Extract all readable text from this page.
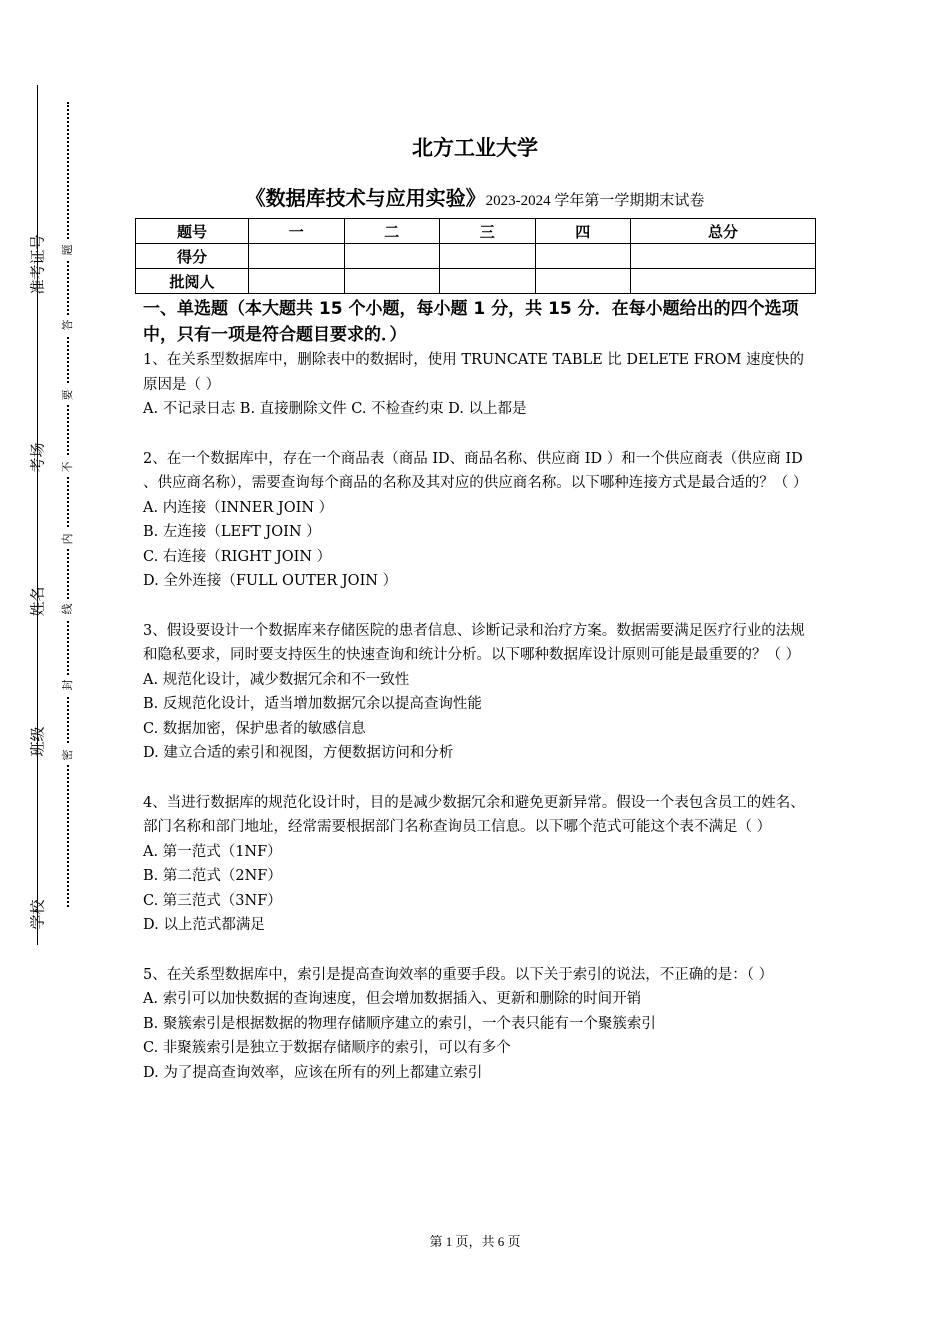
准考证号
考场
姓名
班级
学校
题
答
要
不
内
线
封
密
北方工业大学
《数据库技术与应用实验》2023-2024 学年第一学期期末试卷
题号	一	二	三	四	总分
得分					
批阅人					

一、单选题（本大题共 15 个小题，每小题 1 分，共 15 分．在每小题给出的四个选项中，只有一项是符合题目要求的．）

1、在关系型数据库中，删除表中的数据时，使用 TRUNCATE TABLE 比 DELETE FROM 速度快的原因是（ ）

A. 不记录日志 B. 直接删除文件 C. 不检查约束 D. 以上都是

2、在一个数据库中，存在一个商品表（商品 ID、商品名称、供应商 ID ）和一个供应商表（供应商 ID 、供应商名称），需要查询每个商品的名称及其对应的供应商名称。以下哪种连接方式是最合适的？（ ）

A. 内连接（INNER JOIN ）

B. 左连接（LEFT JOIN ）

C. 右连接（RIGHT JOIN ）

D. 全外连接（FULL OUTER JOIN ）

3、假设要设计一个数据库来存储医院的患者信息、诊断记录和治疗方案。数据需要满足医疗行业的法规和隐私要求，同时要支持医生的快速查询和统计分析。以下哪种数据库设计原则可能是最重要的？（ ）

A. 规范化设计，减少数据冗余和不一致性

B. 反规范化设计，适当增加数据冗余以提高查询性能

C. 数据加密，保护患者的敏感信息

D. 建立合适的索引和视图，方便数据访问和分析

4、当进行数据库的规范化设计时，目的是减少数据冗余和避免更新异常。假设一个表包含员工的姓名、部门名称和部门地址，经常需要根据部门名称查询员工信息。以下哪个范式可能这个表不满足（ ）

A. 第一范式（1NF）

B. 第二范式（2NF）

C. 第三范式（3NF）

D. 以上范式都满足

5、在关系型数据库中，索引是提高查询效率的重要手段。以下关于索引的说法，不正确的是：（ ）

A. 索引可以加快数据的查询速度，但会增加数据插入、更新和删除的时间开销

B. 聚簇索引是根据数据的物理存储顺序建立的索引，一个表只能有一个聚簇索引

C. 非聚簇索引是独立于数据存储顺序的索引，可以有多个

D. 为了提高查询效率，应该在所有的列上都建立索引

第 1 页，共 6 页
